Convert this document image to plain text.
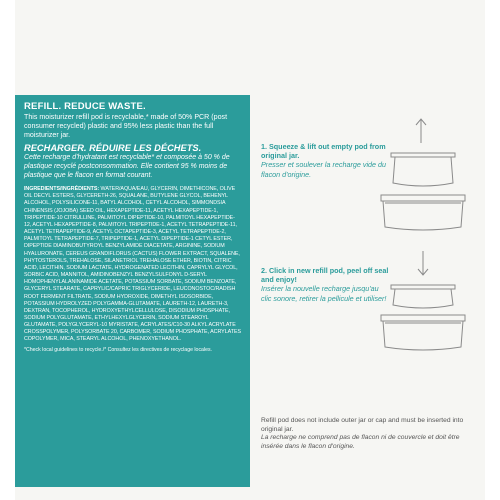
REFILL. REDUCE WASTE.
This moisturizer refill pod is recyclable,* made of 50% PCR (post consumer recycled) plastic and 95% less plastic than the full moisturizer jar.
RECHARGER. RÉDUIRE LES DÉCHETS.
Cette recharge d'hydratant est recyclable* et composée à 50 % de plastique recyclé postconsommation. Elle contient 95 % moins de plastique que le flacon en format courant.
INGREDIENTS/INGRÉDIENTS: WATER/AQUA/EAU, GLYCERIN, DIMETHICONE, OLIVE OIL DECYL ESTERS, GLYCERETH-26, SQUALANE, BUTYLENE GLYCOL, BEHENYL ALCOHOL, POLYSILICONE-11, BATYL ALCOHOL, CETYL ALCOHOL, SIMMONDSIA CHINENSIS (JOJOBA) SEED OIL, HEXAPEPTIDE-11, ACETYL HEXAPEPTIDE-1, TRIPEPTIDE-10 CITRULLINE, PALMITOYL DIPEPTIDE-10, PALMITOYL HEXAPEPTIDE-12, ACETYL HEXAPEPTIDE-8, PALMITOYL TRIPEPTIDE-1, ACETYL TETRAPEPTIDE-11, ACETYL TETRAPEPTIDE-9, ACETYL OCTAPEPTIDE-3, ACETYL TETRAPEPTIDE-2, PALMITOYL TETRAPEPTIDE-7, TRIPEPTIDE-1, ACETYL DIPEPTIDE-1 CETYL ESTER, DIPEPTIDE DIAMINOBUTYROYL BENZYLAMIDE DIACETATE, ARGININE, SODIUM HYALURONATE, CEREUS GRANDIFLORUS (CACTUS) FLOWER EXTRACT, SQUALENE, PHYTOSTEROLS, TREHALOSE, SILANETRIOL TREHALOSE ETHER, BIOTIN, CITRIC ACID, LECITHIN, SODIUM LACTATE, HYDROGENATED LECITHIN, CAPRYLYL GLYCOL, SORBIC ACID, MANNITOL, AMIDINOBENZYL BENZYLSULFONYL D-SERYL HOMOPHENYLALANINAMIDE ACETATE, POTASSIUM SORBATE, SODIUM BENZOATE, GLYCERYL STEARATE, CAPRYLIC/CAPRIC TRIGLYCERIDE, LEUCONOSTOC/RADISH ROOT FERMENT FILTRATE, SODIUM HYDROXIDE, DIMETHYL ISOSORBIDE, POTASSIUM HYDROLYZED POLYGAMMA-GLUTAMATE, LAURETH-12, LAURETH-3, DEXTRAN, TOCOPHEROL, HYDROXYETHYLCELLULOSE, DISODIUM PHOSPHATE, SODIUM POLYGLUTAMATE, ETHYLHEXYLGLYCERIN, SODIUM STEAROYL GLUTAMATE, POLYGLYCERYL-10 MYRISTATE, ACRYLATES/C10-30 ALKYL ACRYLATE CROSSPOLYMER, POLYSORBATE 20, CARBOMER, SODIUM PHOSPHATE, ACRYLATES COPOLYMER, MICA, STEARYL ALCOHOL, PHENOXYETHANOL.
*Check local guidelines to recycle./* Consultez les directives de recyclage locales.
1. Squeeze & lift out empty pod from original jar.
Presser et soulever la recharge vide du flacon d'origine.
2. Click in new refill pod, peel off seal and enjoy!
Insérer la nouvelle recharge jusqu'au clic sonore, retirer la pellicule et utiliser!
Refill pod does not include outer jar or cap and must be inserted into original jar.
La recharge ne comprend pas de flacon ni de couvercle et doit être insérée dans le flacon d'origine.
